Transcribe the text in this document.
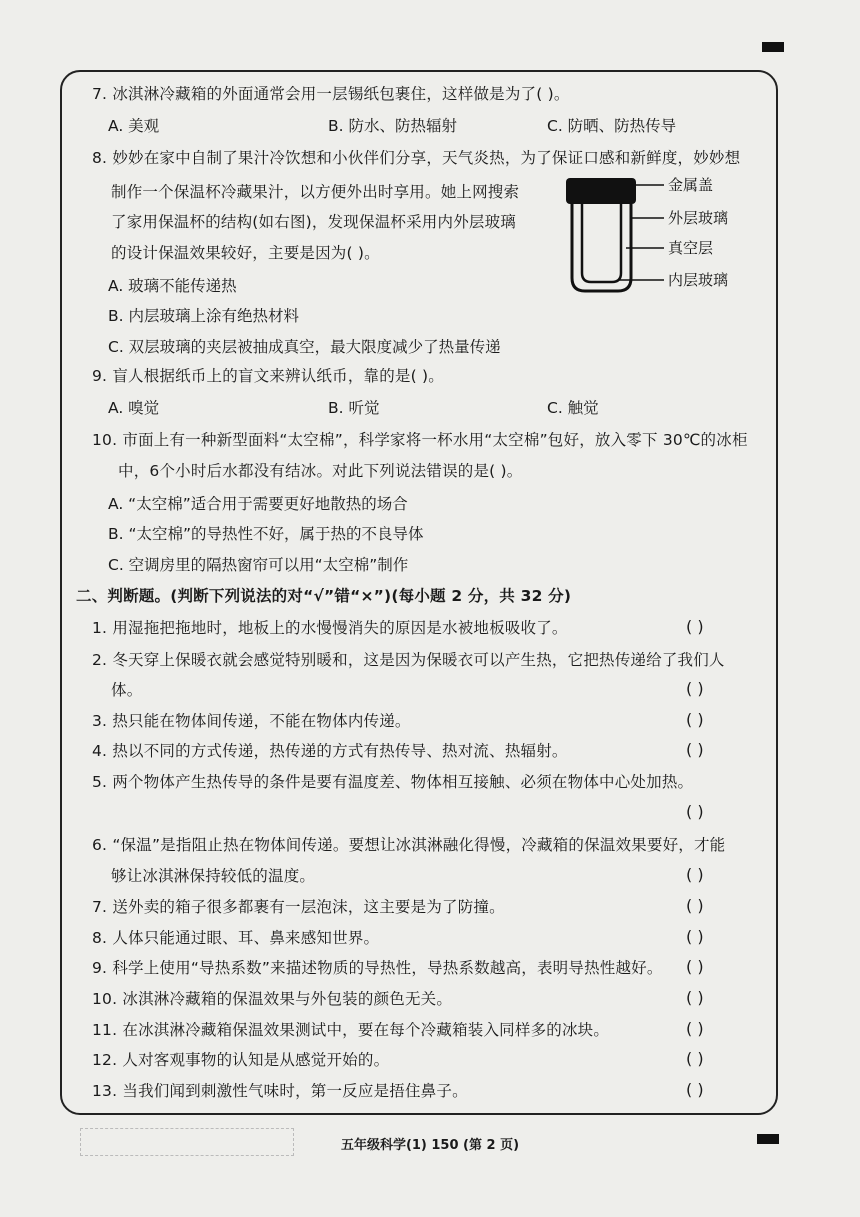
7. 冰淇淋冷藏箱的外面通常会用一层锡纸包裹住，这样做是为了( )。
A. 美观	B. 防水、防热辐射	C. 防晒、防热传导
8. 妙妙在家中自制了果汁冷饮想和小伙伴们分享，天气炎热，为了保证口感和新鲜度，妙妙想
制作一个保温杯冷藏果汁，以方便外出时享用。她上网搜索
了家用保温杯的结构(如右图)，发现保温杯采用内外层玻璃
的设计保温效果较好，主要是因为( )。
A. 玻璃不能传递热
B. 内层玻璃上涂有绝热材料
C. 双层玻璃的夹层被抽成真空，最大限度减少了热量传递
金属盖
外层玻璃
真空层
内层玻璃
9. 盲人根据纸币上的盲文来辨认纸币，靠的是( )。
A. 嗅觉	B. 听觉	C. 触觉
10. 市面上有一种新型面料“太空棉”，科学家将一杯水用“太空棉”包好，放入零下 30℃的冰柜
中，6个小时后水都没有结冰。对此下列说法错误的是( )。
A. “太空棉”适合用于需要更好地散热的场合
B. “太空棉”的导热性不好，属于热的不良导体
C. 空调房里的隔热窗帘可以用“太空棉”制作
二、判断题。(判断下列说法的对“√”错“×”)(每小题 2 分，共 32 分)
1. 用湿拖把拖地时，地板上的水慢慢消失的原因是水被地板吸收了。	( )
2. 冬天穿上保暖衣就会感觉特别暖和，这是因为保暖衣可以产生热，它把热传递给了我们人
体。	( )
3. 热只能在物体间传递，不能在物体内传递。	( )
4. 热以不同的方式传递，热传递的方式有热传导、热对流、热辐射。	( )
5. 两个物体产生热传导的条件是要有温度差、物体相互接触、必须在物体中心处加热。
( )
6. “保温”是指阻止热在物体间传递。要想让冰淇淋融化得慢，冷藏箱的保温效果要好，才能
够让冰淇淋保持较低的温度。	( )
7. 送外卖的箱子很多都裹有一层泡沫，这主要是为了防撞。	( )
8. 人体只能通过眼、耳、鼻来感知世界。	( )
9. 科学上使用“导热系数”来描述物质的导热性，导热系数越高，表明导热性越好。 ( )
10. 冰淇淋冷藏箱的保温效果与外包装的颜色无关。	( )
11. 在冰淇淋冷藏箱保温效果测试中，要在每个冷藏箱装入同样多的冰块。	( )
12. 人对客观事物的认知是从感觉开始的。	( )
13. 当我们闻到刺激性气味时，第一反应是捂住鼻子。	( )
五年级科学(1) 150 (第 2 页)
